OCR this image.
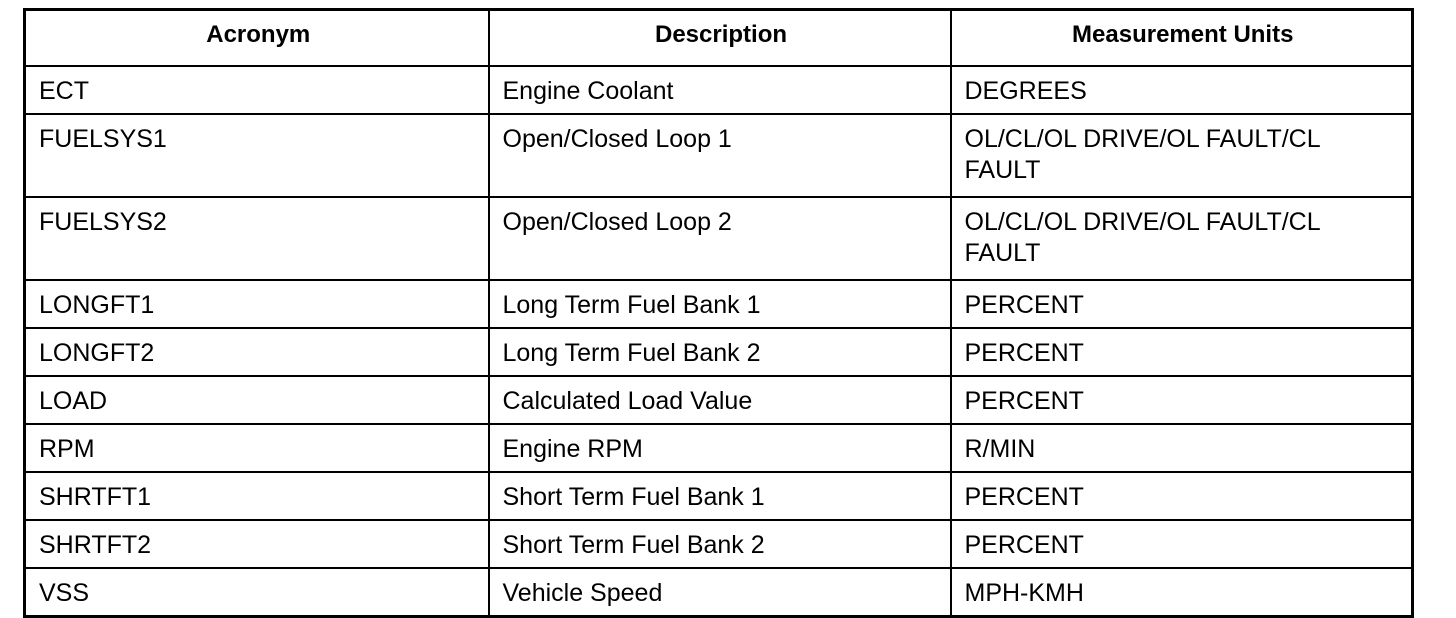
Acronym	Description	Measurement Units
ECT	Engine Coolant	DEGREES
FUELSYS1	Open/Closed Loop 1	OL/CL/OL DRIVE/OL FAULT/CL FAULT
FUELSYS2	Open/Closed Loop 2	OL/CL/OL DRIVE/OL FAULT/CL FAULT
LONGFT1	Long Term Fuel Bank 1	PERCENT
LONGFT2	Long Term Fuel Bank 2	PERCENT
LOAD	Calculated Load Value	PERCENT
RPM	Engine RPM	R/MIN
SHRTFT1	Short Term Fuel Bank 1	PERCENT
SHRTFT2	Short Term Fuel Bank 2	PERCENT
VSS	Vehicle Speed	MPH-KMH
